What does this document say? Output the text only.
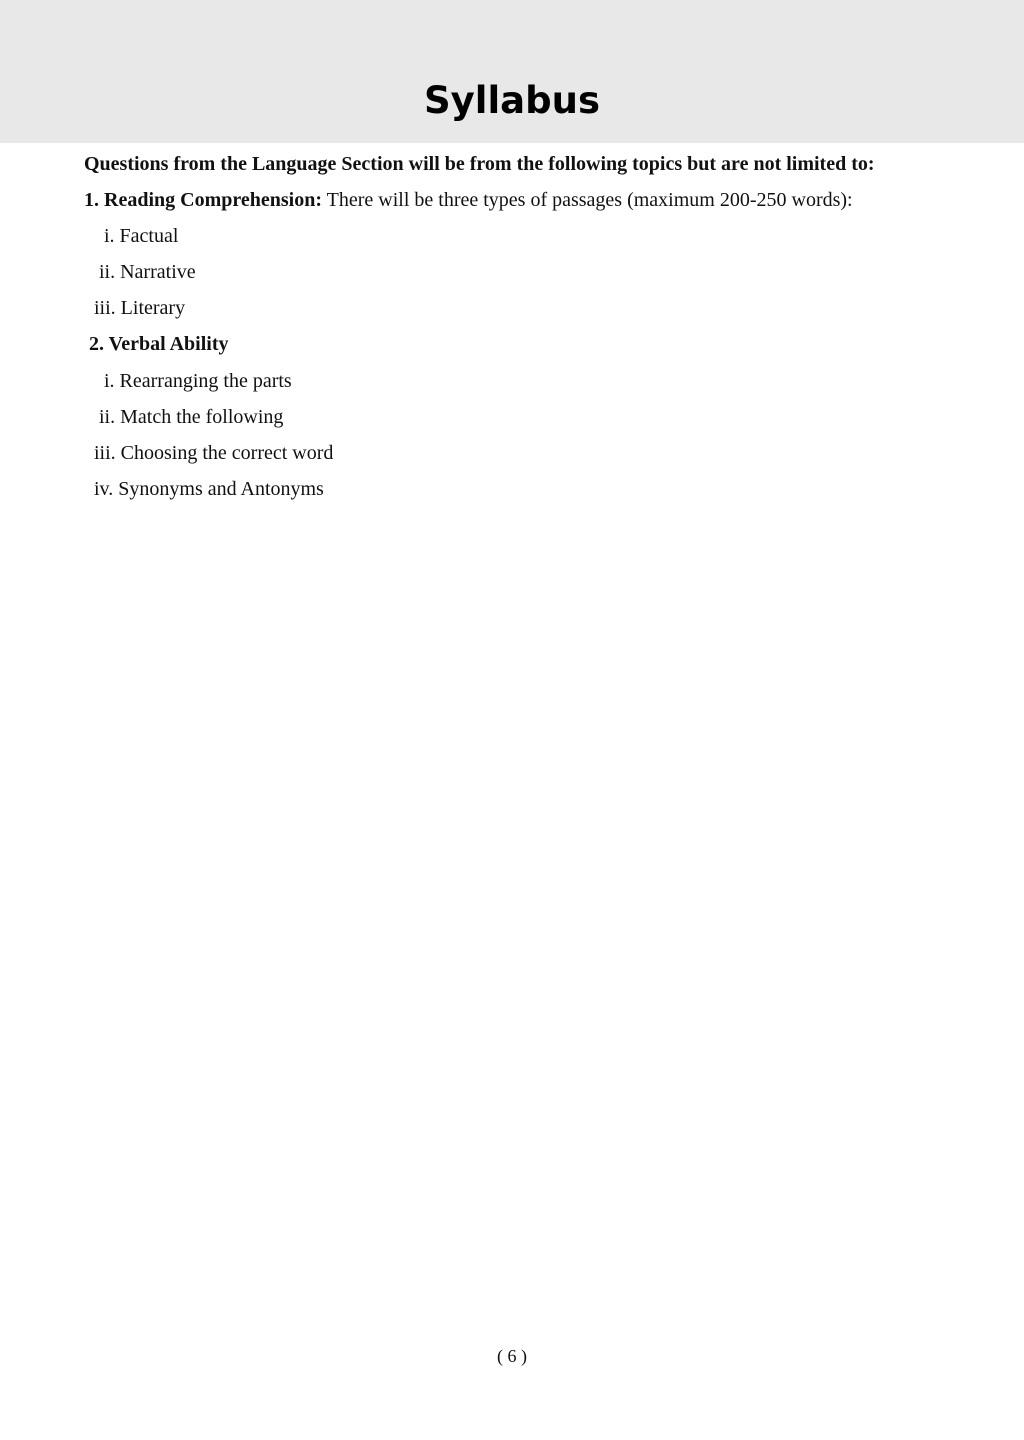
Syllabus
Questions from the Language Section will be from the following topics but are not limited to:
1. Reading Comprehension: There will be three types of passages (maximum 200-250 words):
i. Factual
ii. Narrative
iii. Literary
2. Verbal Ability
i. Rearranging the parts
ii. Match the following
iii. Choosing the correct word
iv. Synonyms and Antonyms
( 6 )
